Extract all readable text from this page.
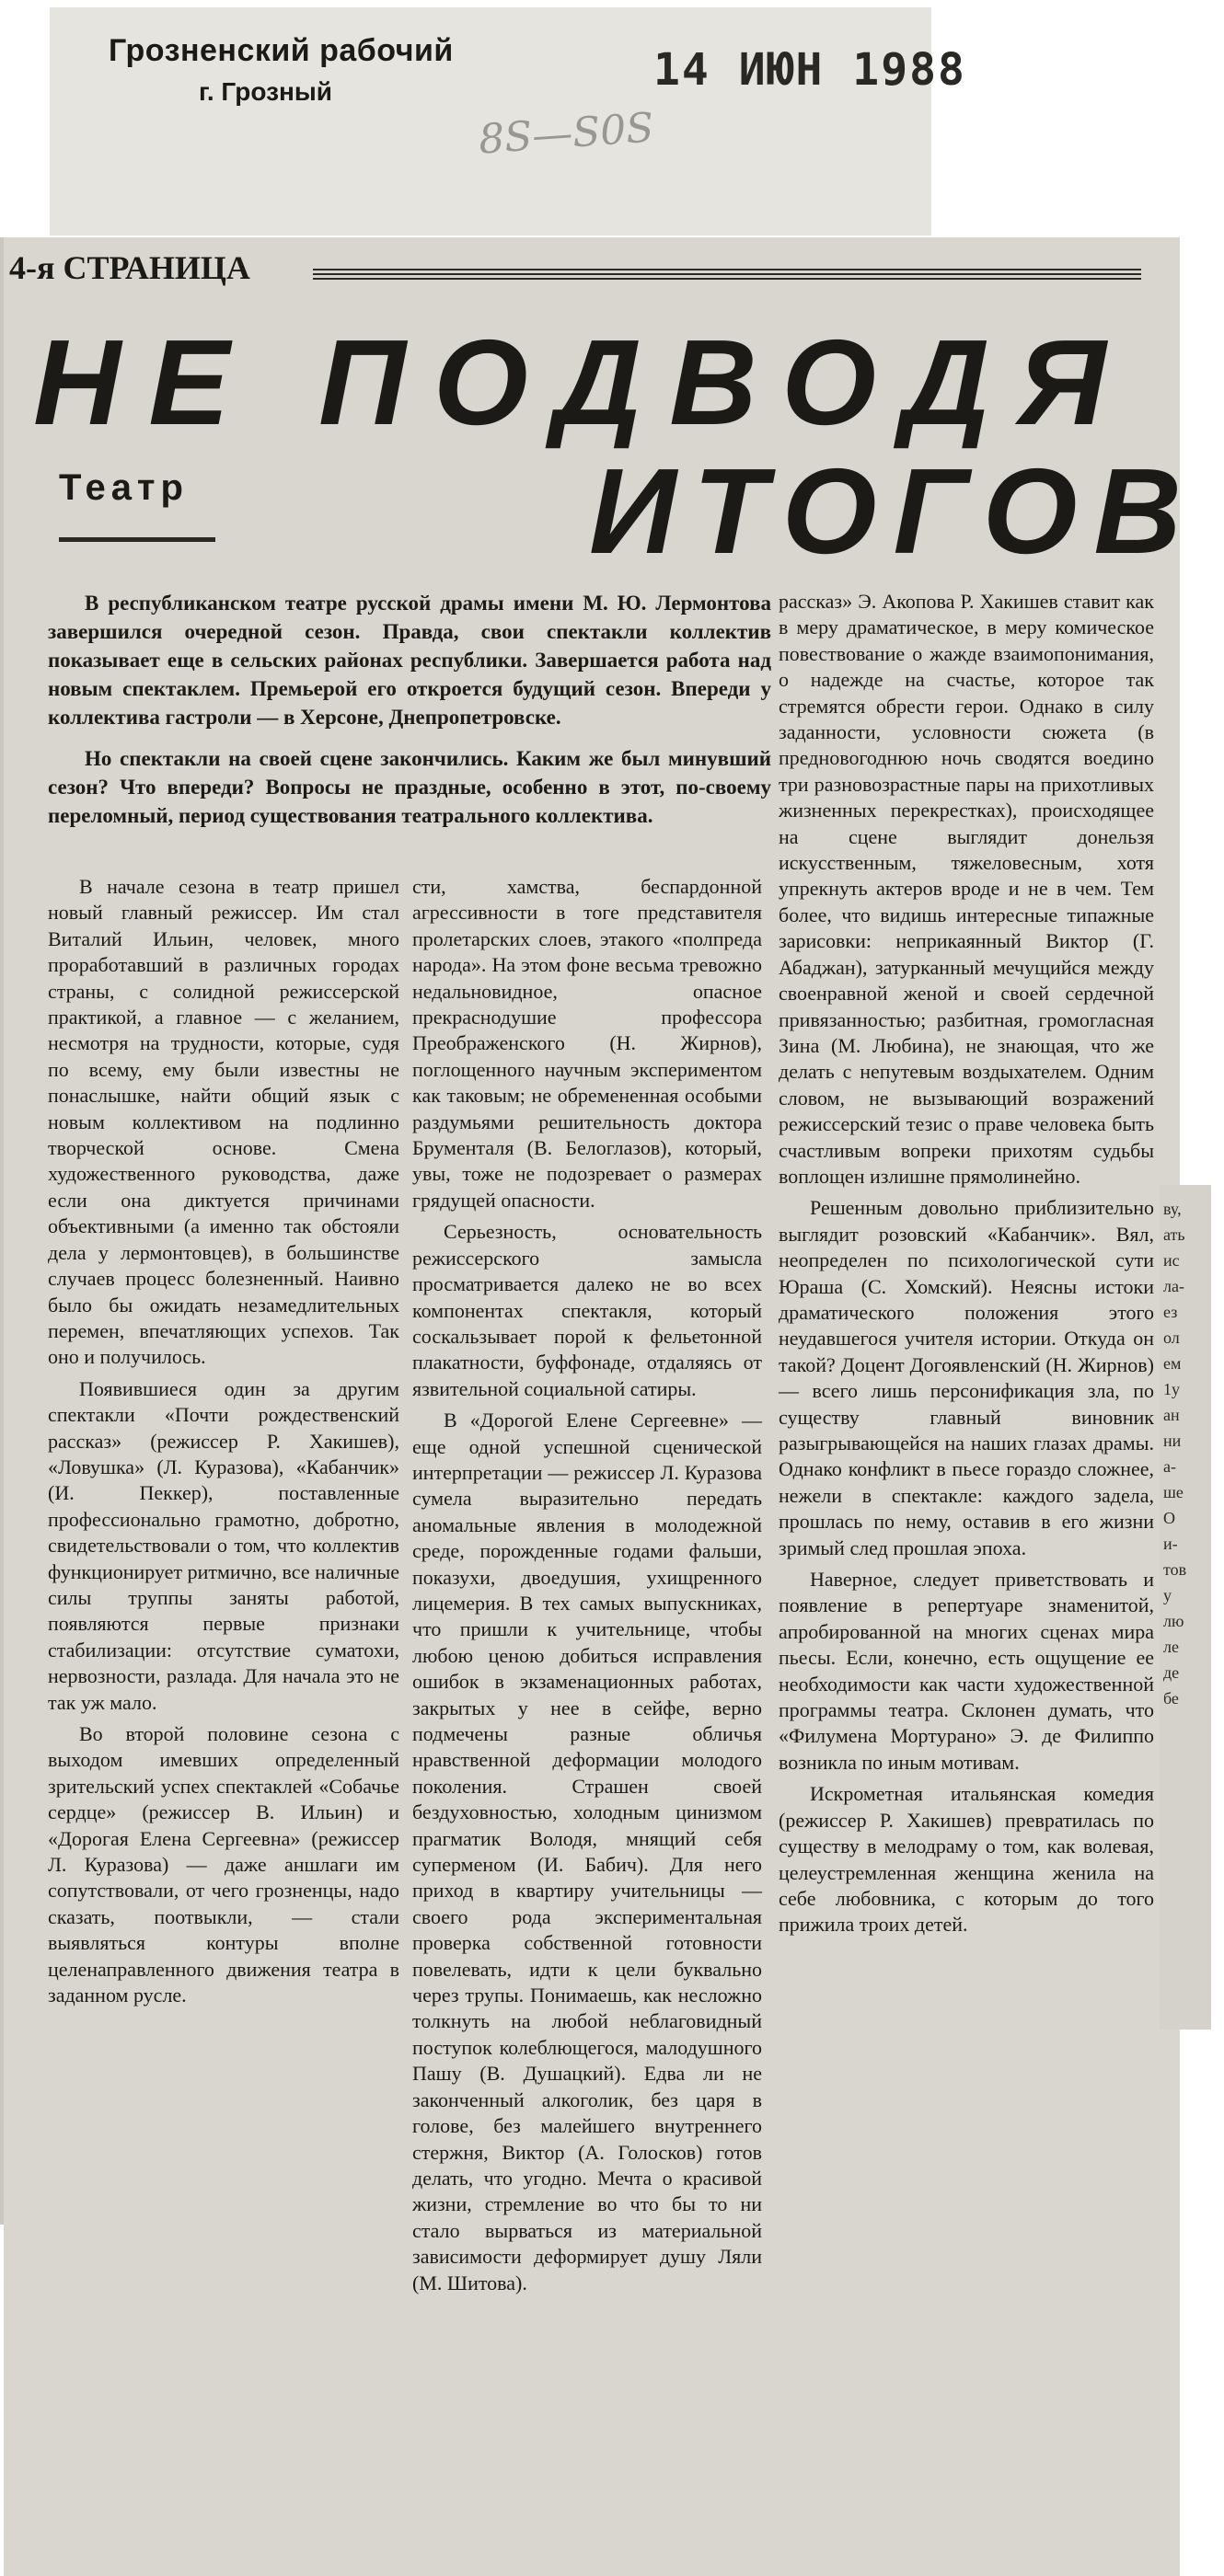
Грозненский рабочий
г. Грозный	14 ИЮН 1988
8Ѕ—Ѕ0Ѕ
4-я СТРАНИЦА
НЕ ПОДВОДЯ
Театр	ИТОГОВ

В республиканском театре русской драмы имени М. Ю. Лермонтова завершился очередной сезон. Правда, свои спектакли коллектив показывает еще в сельских районах республики. Завершается работа над новым спектаклем. Премьерой его откроется будущий сезон. Впереди у коллектива гастроли — в Херсоне, Днепропетровске.

Но спектакли на своей сцене закончились. Каким же был минувший сезон? Что впереди? Вопросы не праздные, особенно в этот, по-своему переломный, период существования театрального коллектива.

В начале сезона в театр пришел новый главный режиссер. Им стал Виталий Ильин, человек, много проработавший в различных городах страны, с солидной режиссерской практикой, а главное — с желанием, несмотря на трудности, которые, судя по всему, ему были известны не понаслышке, найти общий язык с новым коллективом на подлинно творческой основе. Смена художественного руководства, даже если она диктуется причинами объективными (а именно так обстояли дела у лермонтовцев), в большинстве случаев процесс болезненный. Наивно было бы ожидать незамедлительных перемен, впечатляющих успехов. Так оно и получилось.

Появившиеся один за другим спектакли «Почти рождественский рассказ» (режиссер Р. Хакишев), «Ловушка» (Л. Куразова), «Кабанчик» (И. Пеккер), поставленные профессионально грамотно, добротно, свидетельствовали о том, что коллектив функционирует ритмично, все наличные силы труппы заняты работой, появляются первые признаки стабилизации: отсутствие суматохи, нервозности, разлада. Для начала это не так уж мало.

Во второй половине сезона с выходом имевших определенный зрительский успех спектаклей «Собачье сердце» (режиссер В. Ильин) и «Дорогая Елена Сергеевна» (режиссер Л. Куразова) — даже аншлаги им сопутствовали, от чего грозненцы, надо сказать, поотвыкли, — стали выявляться контуры вполне целенаправленного движения театра в заданном русле.

сти, хамства, беспардонной агрессивности в тоге представителя пролетарских слоев, этакого «полпреда народа». На этом фоне весьма тревожно недальновидное, опасное прекраснодушие профессора Преображенского (Н. Жирнов), поглощенного научным экспериментом как таковым; не обремененная особыми раздумьями решительность доктора Брументаля (В. Белоглазов), который, увы, тоже не подозревает о размерах грядущей опасности.

Серьезность, основательность режиссерского замысла просматривается далеко не во всех компонентах спектакля, который соскальзывает порой к фельетонной плакатности, буффонаде, отдаляясь от язвительной социальной сатиры.

В «Дорогой Елене Сергеевне» — еще одной успешной сценической интерпретации — режиссер Л. Куразова сумела выразительно передать аномальные явления в молодежной среде, порожденные годами фальши, показухи, двоедушия, ухищренного лицемерия. В тех самых выпускниках, что пришли к учительнице, чтобы любою ценою добиться исправления ошибок в экзаменационных работах, закрытых у нее в сейфе, верно подмечены разные обличья нравственной деформации молодого поколения. Страшен своей бездуховностью, холодным цинизмом прагматик Володя, мнящий себя суперменом (И. Бабич). Для него приход в квартиру учительницы — своего рода экспериментальная проверка собственной готовности повелевать, идти к цели буквально через трупы. Понимаешь, как несложно толкнуть на любой неблаговидный поступок колеблющегося, малодушного Пашу (В. Душацкий). Едва ли не законченный алкоголик, без царя в голове, без малейшего внутреннего стержня, Виктор (А. Голосков) готов делать, что угодно. Мечта о красивой жизни, стремление во что бы то ни стало вырваться из материальной зависимости деформирует душу Ляли (М. Шитова).

рассказ» Э. Акопова Р. Хакишев ставит как в меру драматическое, в меру комическое повествование о жажде взаимопонимания, о надежде на счастье, которое так стремятся обрести герои. Однако в силу заданности, условности сюжета (в предновогоднюю ночь сводятся воедино три разновозрастные пары на прихотливых жизненных перекрестках), происходящее на сцене выглядит донельзя искусственным, тяжеловесным, хотя упрекнуть актеров вроде и не в чем. Тем более, что видишь интересные типажные зарисовки: неприкаянный Виктор (Г. Абаджан), затурканный мечущийся между своенравной женой и своей сердечной привязанностью; разбитная, громогласная Зина (М. Любина), не знающая, что же делать с непутевым воздыхателем. Одним словом, не вызывающий возражений режиссерский тезис о праве человека быть счастливым вопреки прихотям судьбы воплощен излишне прямолинейно.

Решенным довольно приблизительно выглядит розовский «Кабанчик». Вял, неопределен по психологической сути Юраша (С. Хомский). Неясны истоки драматического положения этого неудавшегося учителя истории. Откуда он такой? Доцент Догоявленский (Н. Жирнов) — всего лишь персонификация зла, по существу главный виновник разыгрывающейся на наших глазах драмы. Однако конфликт в пьесе гораздо сложнее, нежели в спектакле: каждого задела, прошлась по нему, оставив в его жизни зримый след прошлая эпоха.

Наверное, следует приветствовать и появление в репертуаре знаменитой, апробированной на многих сценах мира пьесы. Если, конечно, есть ощущение ее необходимости как части художественной программы театра. Склонен думать, что «Филумена Мортурано» Э. де Филиппо возникла по иным мотивам.

Искрометная итальянская комедия (режиссер Р. Хакишев) превратилась по существу в мелодраму о том, как волевая, целеустремленная женщина женила на себе любовника, с которым до того прижила троих детей.

ву,
ать
ис
ла-
ез
ол
ем
1у
ан
ни
а-
ше
О
и-
тов
у
лю
ле
де
бе
